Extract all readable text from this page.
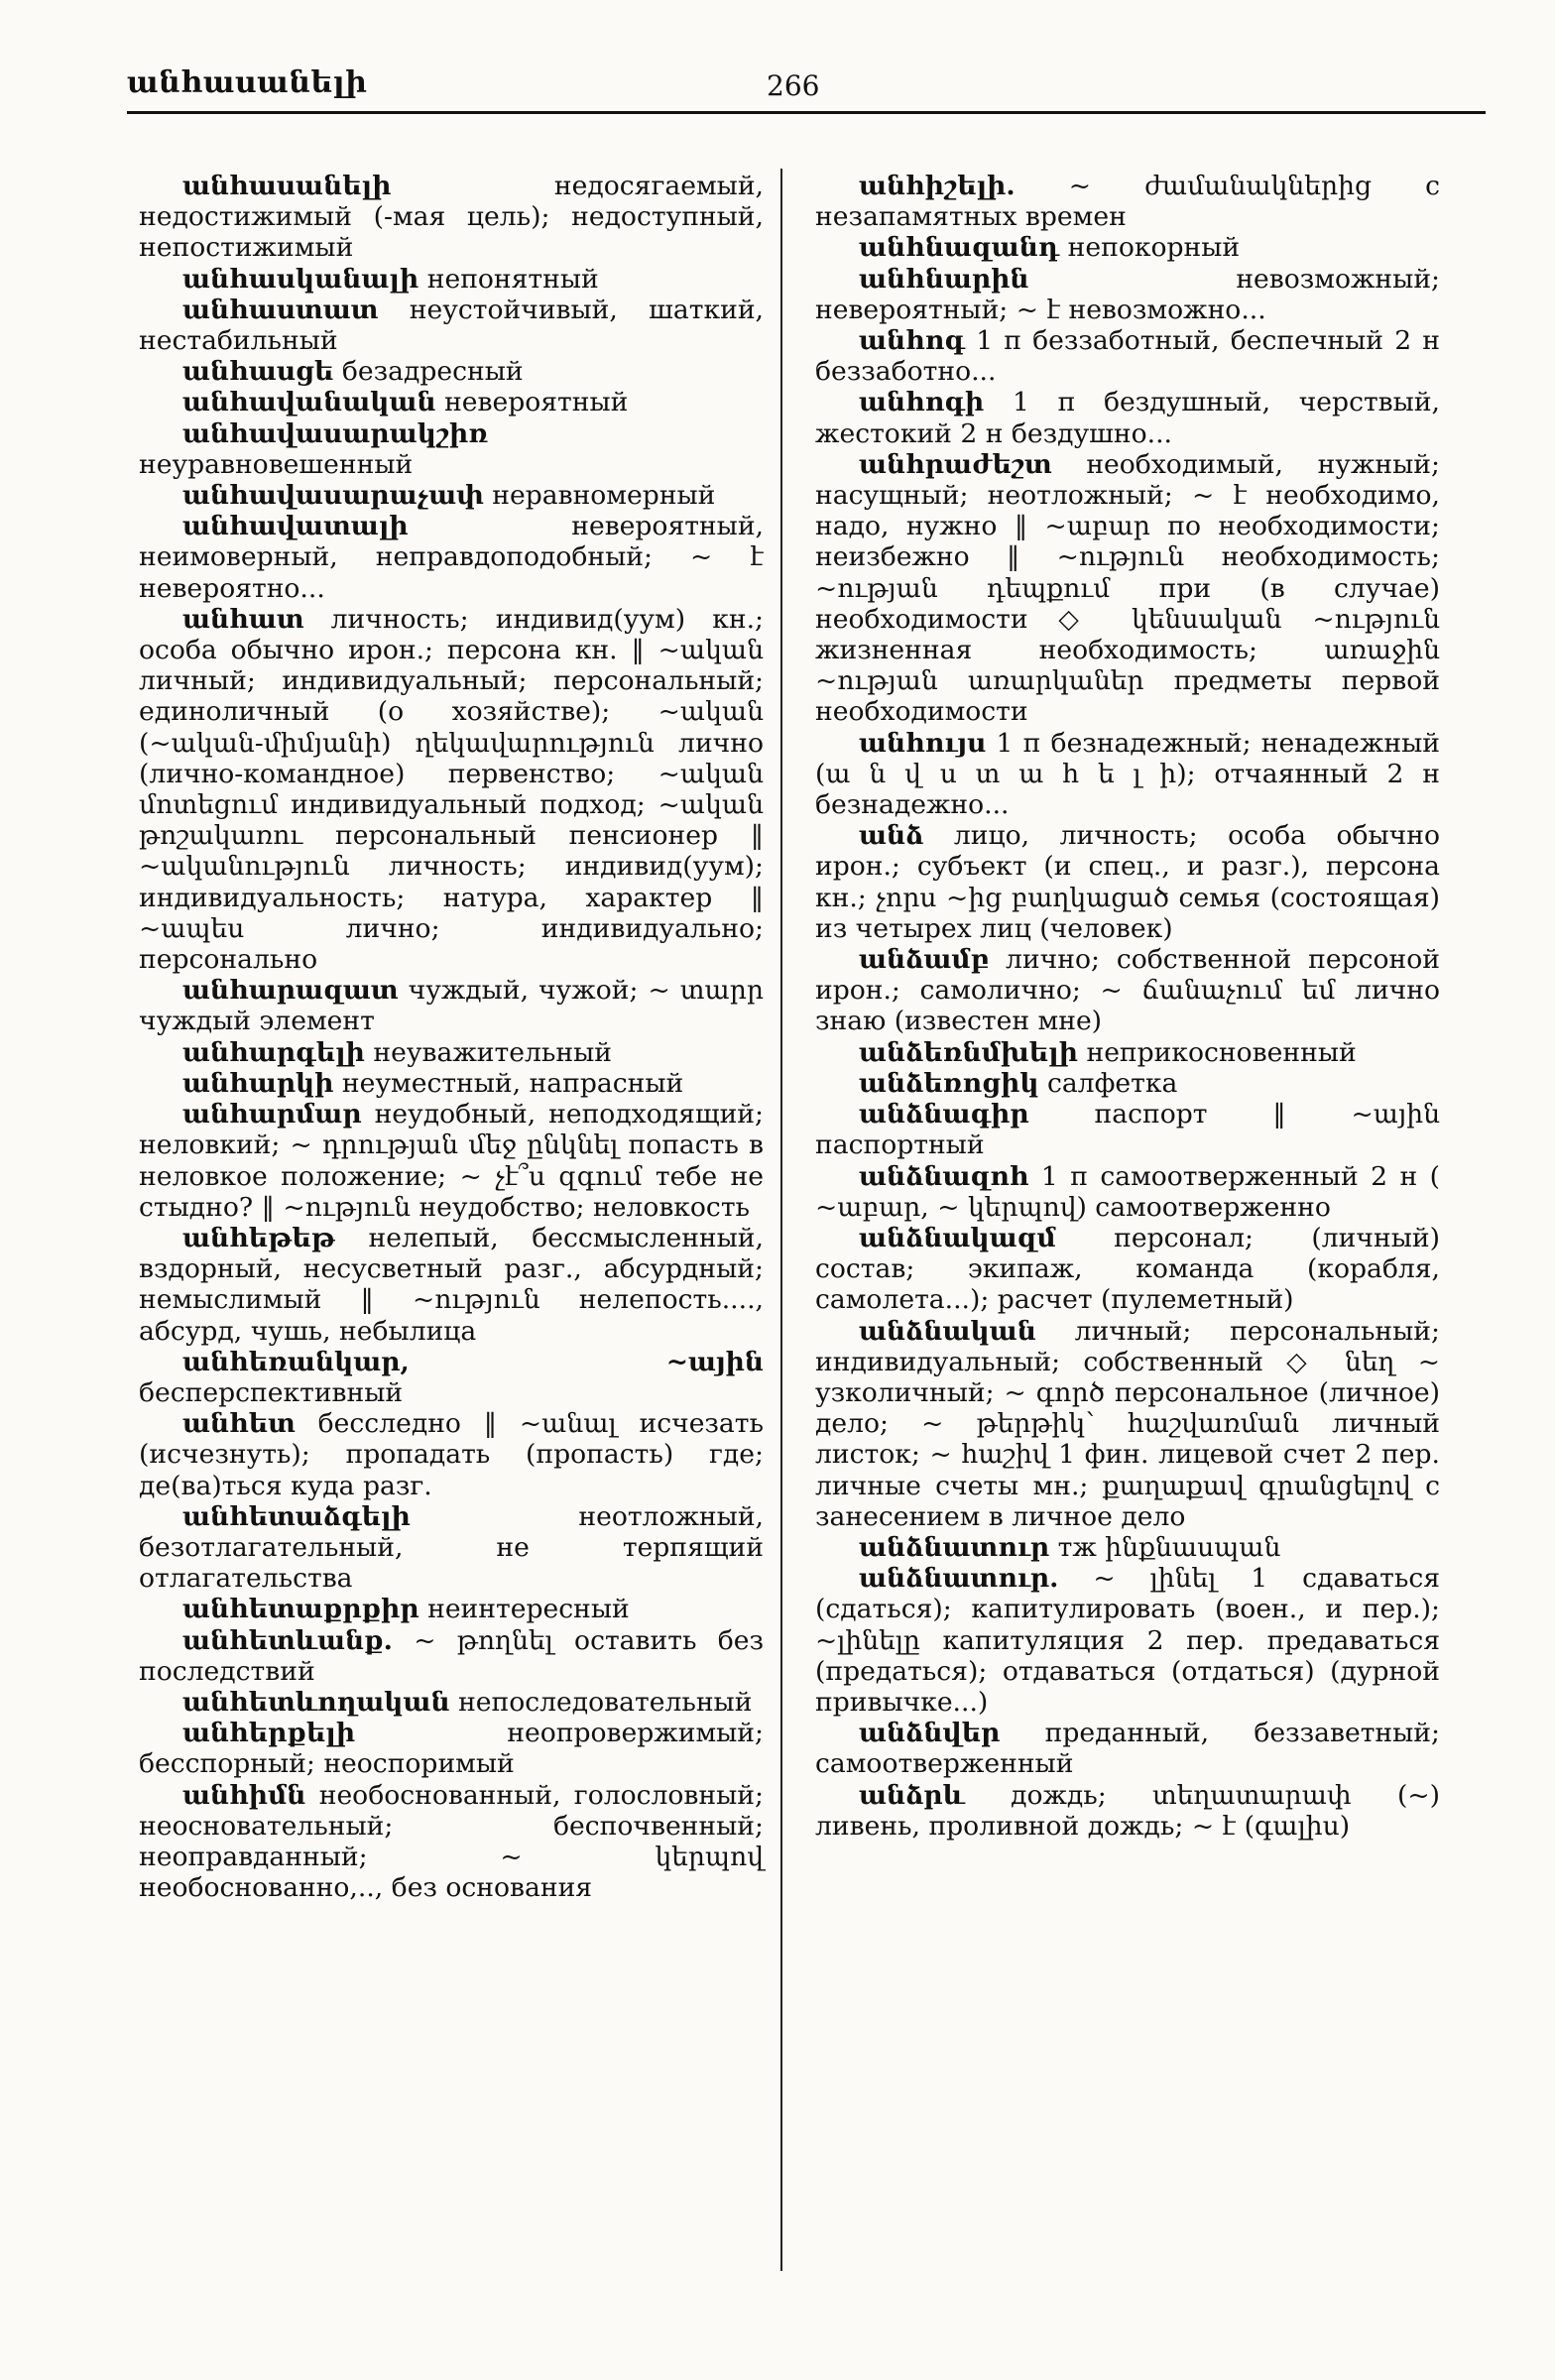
անհասանելի	266

անհասանելի	недосягаемый, недостижимый (-мая цель); недоступный, непостижимый

անհասկանալի непонятный

անհաստատ неустойчивый, шаткий, нестабильный

անհասցե безадресный

անհավանական невероятный

անհավասարակշիռ неуравновешенный

անհավասարաչափ неравномерный

անհավատալի	невероятный, неимоверный, неправдоподобный; ~ է невероятно...

անհատ личность; индивид(уум) кн.; особа обычно ирон.; персона кн. ‖ ~ական личный; индивидуальный; персональный; единоличный (о хозяйстве); ~ական (~ական-միմյանի) ղեկավարություն лично (лично-командное) первенство; ~ական մոտեցում индивидуальный подход; ~ական թոշակառու персональный пенсионер ‖ ~ականություն личность; индивид(уум); индивидуальность; натура, характер ‖ ~ապես лично; индивидуально; персонально

անհարազատ чуждый, чужой; ~ տարր чуждый элемент

անհարգելի неуважительный

անհարկի неуместный, напрасный

անհարմար неудобный, неподходящий; неловкий; ~ դրության մեջ ընկնել попасть в неловкое положение; ~ չէ՞ս զգում тебе не стыдно? ‖ ~ություն неудобство; неловкость

անհեթեթ нелепый, бессмысленный, вздорный, несусветный разг., абсурдный; немыслимый ‖ ~ություն нелепость...., абсурд, чушь, небылица

անհեռանկար, ~ային бесперспективный

անհետ бесследно ‖ ~անալ исчезать (исчезнуть); пропадать (пропасть) где; де(ва)ться куда разг.

անհետաձգելի	неотложный, безотлагательный, не терпящий отлагательства

անհետաքրքիր неинтересный

անհետևանք. ~ թողնել оставить без последствий

անհետևողական непоследовательный

անհերքելի	неопровержимый; бесспорный; неоспоримый

անհիմն необоснованный, голословный; неосновательный; беспочвенный; неоправданный; ~ կերպով необоснованно,.., без основания

անհիշելի. ~ ժամանակներից с незапамятных времен

անհնազանդ непокорный

անհնարին	невозможный; невероятный; ~ է невозможно...

անհոգ 1 п беззаботный, беспечный 2 н беззаботно...

անհոգի 1 п бездушный, черствый, жестокий 2 н бездушно...

անհրաժեշտ необходимый, нужный; насущный; неотложный; ~ է необходимо, надо, нужно ‖ ~աբար по необходимости; неизбежно ‖ ~ություն необходимость; ~ության դեպքում при (в случае) необходимости ◇ կենսական ~ություն жизненная необходимость; առաջին ~ության առարկաներ предметы первой необходимости

անհույս 1 п безнадежный; ненадежный (ա ն վ ս տ ա հ ե լ ի); отчаянный 2 н безнадежно...

անձ лицо, личность; особа обычно ирон.; субъект (и спец., и разг.), персона кн.; չորս ~ից բաղկացած семья (состоящая) из четырех лиц (человек)

անձամբ лично; собственной персоной ирон.; самолично; ~ ճանաչում եմ лично знаю (известен мне)

անձեռնմխելի неприкосновенный

անձեռոցիկ салфетка

անձնագիր паспорт ‖ ~ային паспортный

անձնազոհ 1 п самоотверженный 2 н ( ~աբար, ~ կերպով) самоотверженно

անձնակազմ персонал; (личный) состав; экипаж, команда (корабля, самолета...); расчет (пулеметный)

անձնական личный; персональный; индивидуальный; собственный ◇ նեղ ~ узколичный; ~ գործ персональное (личное) дело; ~ թերթիկ՝ հաշվառման личный листок; ~ հաշիվ 1 фин. лицевой счет 2 пер. личные счеты мн.; քաղաքավ գրանցելով с занесением в личное дело

անձնատուր тж ինքնասպան

անձնատուր. ~ լինել 1 сдаваться (сдаться); капитулировать (воен., и пер.); ~լինելը капитуляция 2 пер. предаваться (предаться); отдаваться (отдаться) (дурной привычке...)

անձնվեր преданный, беззаветный; самоотверженный

անձրև дождь; տեղատարափ (~) ливень, проливной дождь; ~ է (գալիս)
